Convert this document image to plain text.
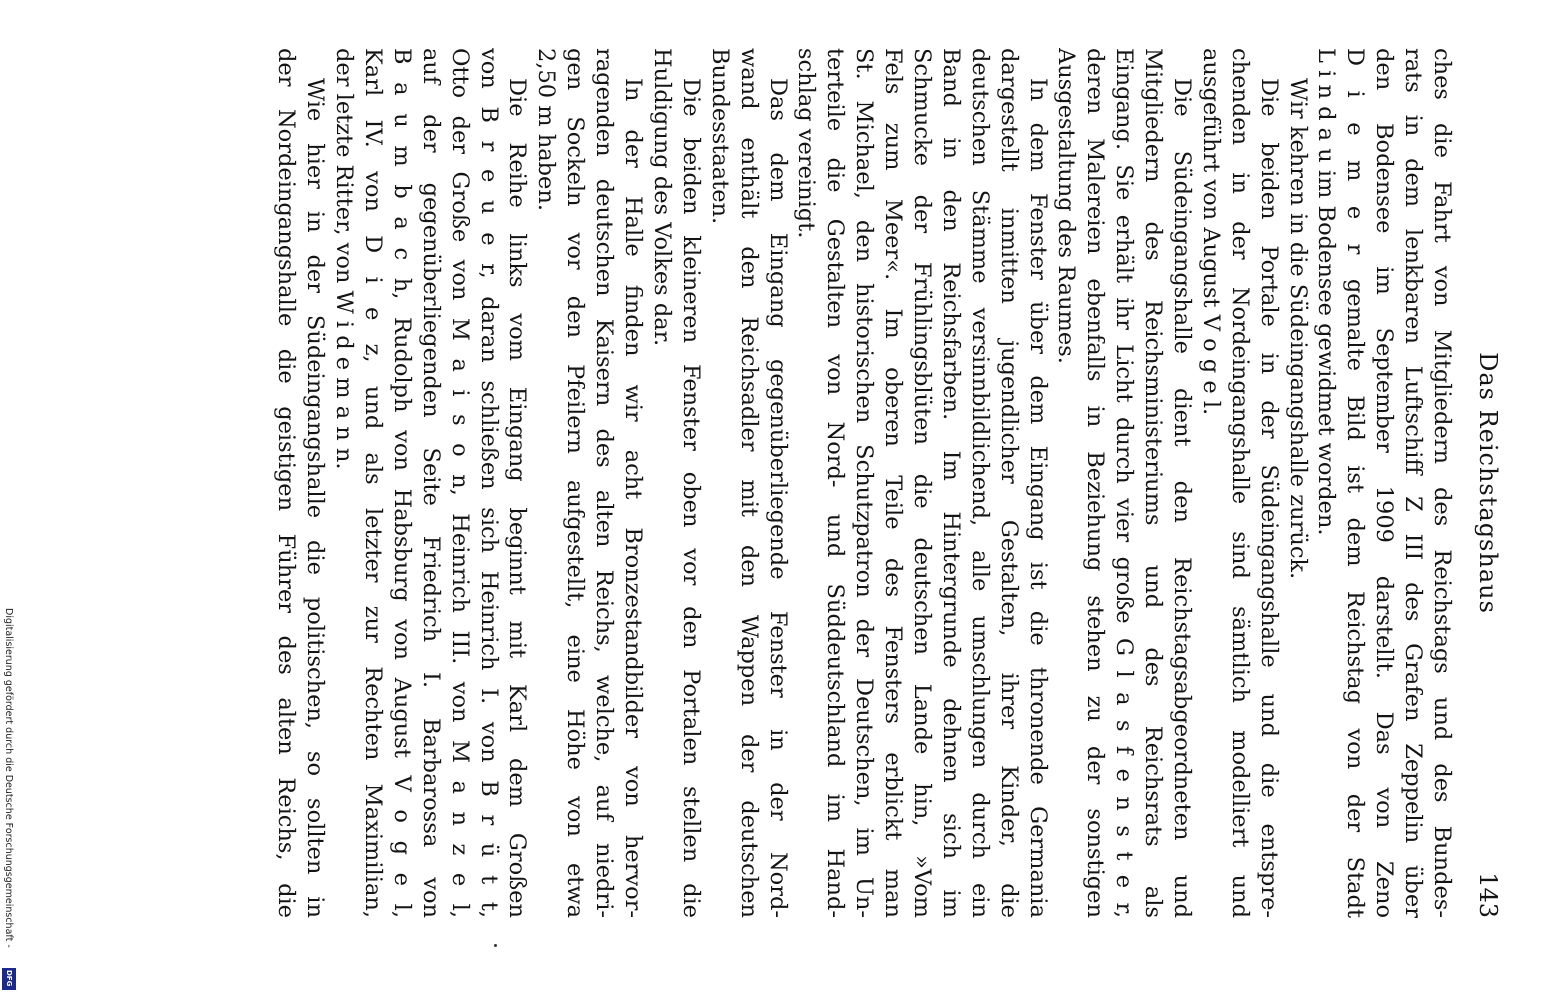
Das Reichstagshaus
143
ches die Fahrt von Mitgliedern des Reichstags und des Bundes-
rats in dem lenkbaren Luftschiff Z III des Grafen Zeppelin über
den Bodensee im September 1909 darstellt. Das von Zeno
D i e m e r gemalte Bild ist dem Reichstag von der Stadt
L i n d a u im Bodensee gewidmet worden.
Wir kehren in die Südeingangshalle zurück.
Die beiden Portale in der Südeingangshalle und die entspre-
chenden in der Nordeingangshalle sind sämtlich modelliert und
ausgeführt von August V o g e l.
Die Südeingangshalle dient den Reichstagsabgeordneten und
Mitgliedern des Reichsministeriums und des Reichsrats als
Eingang. Sie erhält ihr Licht durch vier große G l a s f e n s t e r,
deren Malereien ebenfalls in Beziehung stehen zu der sonstigen
Ausgestaltung des Raumes.
In dem Fenster über dem Eingang ist die thronende Germania
dargestellt inmitten jugendlicher Gestalten, ihrer Kinder, die
deutschen Stämme versinnbildlichend, alle umschlungen durch ein
Band in den Reichsfarben. Im Hintergrunde dehnen sich im
Schmucke der Frühlingsblüten die deutschen Lande hin, »Vom
Fels zum Meer«. Im oberen Teile des Fensters erblickt man
St. Michael, den historischen Schutzpatron der Deutschen, im Un-
terteile die Gestalten von Nord- und Süddeutschland im Hand-
schlag vereinigt.
Das dem Eingang gegenüberliegende Fenster in der Nord-
wand enthält den Reichsadler mit den Wappen der deutschen
Bundesstaaten.
Die beiden kleineren Fenster oben vor den Portalen stellen die
Huldigung des Volkes dar.
In der Halle finden wir acht Bronzestandbilder von hervor-
ragenden deutschen Kaisern des alten Reichs, welche, auf niedri-
gen Sockeln vor den Pfeilern aufgestellt, eine Höhe von etwa
2,50 m haben.
Die Reihe links vom Eingang beginnt mit Karl dem Großen
von B r e u e r, daran schließen sich Heinrich I. von B r ü t t,
Otto der Große von M a i s o n, Heinrich III. von M a n z e l,
auf der gegenüberliegenden Seite Friedrich I. Barbarossa von
B a u m b a c h, Rudolph von Habsburg von August V o g e l,
Karl IV. von D i e z, und als letzter zur Rechten Maximilian,
der letzte Ritter, von W i d e m a n n.
Wie hier in der Südeingangshalle die politischen, so sollten in
der Nordeingangshalle die geistigen Führer des alten Reichs, die
Digitalisierung gefördert durch die Deutsche Forschungsgemeinschaft -
DFG
